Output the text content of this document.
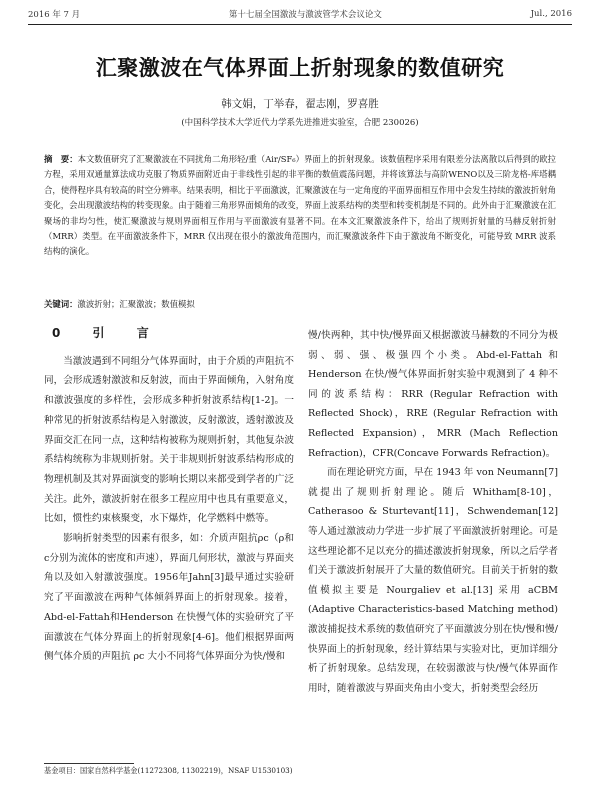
2016 年 7 月	第十七届全国激波与激波管学术会议论文	Jul., 2016
汇聚激波在气体界面上折射现象的数值研究
韩文娟，丁举春，翟志刚，罗喜胜
(中国科学技术大学近代力学系先进推进实验室，合肥 230026)
摘　要：本文数值研究了汇聚激波在不同扰角二角形轻/重（Air/SF₆）界面上的折射现象。该数值程序采用有限差分法离散以后得到的欧拉方程，采用双通量算法成功克服了物质界面附近由于非线性引起的非平衡的数值震荡问题，并将该算法与高阶WENO以及三阶龙格-库塔耦合，使得程序具有较高的时空分辨率。结果表明，相比于平面激波，汇聚激波在与一定角度的平面界面相互作用中会发生持续的激波折射角变化，会出现激波结构的转变现象。由于随着三角形界面倾角的改变，界面上波系结构的类型和转变机制是不同的。此外由于汇聚激波在汇聚场的非均匀性，使汇聚激波与规则界面相互作用与平面激波有显著不同。在本文汇聚激波条件下，给出了规则折射量的马赫反射折射（MRR）类型。在平面激波条件下，MRR 仅出现在很小的激波角范围内，而汇聚激波条件下由于激波角不断变化，可能导致 MRR 波系结构的演化。
关键词：激波折射；汇聚激波；数值模拟
0 引 言

当激波遇到不同组分气体界面时，由于介质的声阻抗不同，会形成透射激波和反射波，而由于界面倾角，入射角度和激波强度的多样性，会形成多种折射波系结构[1-2]。一种常见的折射波系结构是入射激波，反射激波，透射激波及界面交汇在同一点，这种结构被称为规则折射，其他复杂波系结构统称为非规则折射。关于非规则折射波系结构形成的物理机制及其对界面演变的影响长期以来都受到学者的广泛关注。此外，激波折射在很多工程应用中也具有重要意义，比如，惯性约束核聚变，水下爆炸，化学燃料中燃等。

影响折射类型的因素有很多，如：介质声阻抗ρc（ρ和c分别为流体的密度和声速），界面几何形状，激波与界面夹角以及如入射激波强度。1956年Jahn[3]最早通过实验研究了平面激波在两种气体倾斜界面上的折射现象。接着，Abd-el-Fattah和Henderson 在快慢气体的实验研究了平面激波在气体分界面上的折射现象[4-6]。他们根据界面两侧气体介质的声阻抗 ρc 大小不同将气体界面分为快/慢和

慢/快两种，其中快/慢界面又根据激波马赫数的不同分为极弱、弱、强、极强四个小类。Abd-el-Fattah 和 Henderson 在快/慢气体界面折射实验中观测到了 4 种不同的波系结构：RRR (Regular Refraction with Reflected Shock)，RRE (Regular Refraction with Reflected Expansion)，MRR (Mach Reflection Refraction)，CFR(Concave Forwards Refraction)。

而在理论研究方面，早在 1943 年 von Neumann[7]就提出了规则折射理论。随后 Whitham[8-10]，Catherasoo & Sturtevant[11]，Schwendeman[12] 等人通过激波动力学进一步扩展了平面激波折射理论。可是这些理论都不足以充分的描述激波折射现象，所以之后学者们关于激波折射展开了大量的数值研究。目前关于折射的数值模拟主要是 Nourgaliev et al.[13] 采用 aCBM (Adaptive Characteristics-based Matching method) 激波捕捉技术系统的数值研究了平面激波分别在快/慢和慢/快界面上的折射现象，经计算结果与实验对比，更加详细分析了折射现象。总结发现，在较弱激波与快/慢气体界面作用时，随着激波与界面夹角由小变大，折射类型会经历

基金项目：国家自然科学基金(11272308, 11302219)，NSAF U1530103)
